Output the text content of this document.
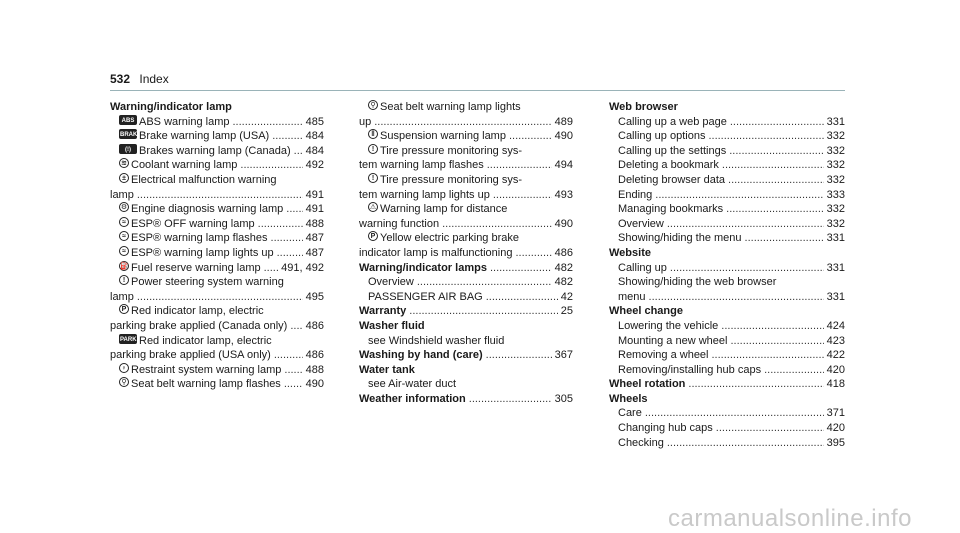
532 Index
Warning/indicator lamp
ABS ABS warning lamp .....	485
BRAKE
Brake warning lamp (USA) .....	484
(!) Brakes warning lamp (Canada) ..... 484
≋ Coolant warning lamp .....	492
± Electrical malfunction warning
lamp .....	491
⚙ Engine diagnosis warning lamp ..... 491
≈ ESP® OFF warning lamp .....	488
≈ ESP® warning lamp flashes .....	487
≈ ESP® warning lamp lights up .....	487
⛽ Fuel reserve warning lamp ..... 491, 492
! Power steering system warning
lamp .....	495
P Red indicator lamp, electric
parking brake applied (Canada only) ..... 486
PARK Red indicator lamp, electric
parking brake applied (USA only) .....	486
♀ Restraint system warning lamp ..... 488
⚲ Seat belt warning lamp flashes ..... 490
⚲ Seat belt warning lamp lights
up .....	489
‖ Suspension warning lamp .....	490
! Tire pressure monitoring sys-
tem warning lamp flashes .....	494
! Tire pressure monitoring sys-
tem warning lamp lights up .....	493
⚠ Warning lamp for distance
warning function .....	490
P Yellow electric parking brake
indicator lamp is malfunctioning .....	486
Warning/indicator lamps .....	482
Overview .....	482
PASSENGER AIR BAG .....	42
Warranty .....	25
Washer fluid
see Windshield washer fluid
Washing by hand (care) .....	367
Water tank
see Air-water duct
Weather information .....	305
Web browser
Calling up a web page .....	331
Calling up options .....	332
Calling up the settings .....	332
Deleting a bookmark .....	332
Deleting browser data .....	332
Ending .....	333
Managing bookmarks .....	332
Overview .....	332
Showing/hiding the menu .....	331
Website
Calling up .....	331
Showing/hiding the web browser
menu .....	331
Wheel change
Lowering the vehicle .....	424
Mounting a new wheel .....	423
Removing a wheel .....	422
Removing/installing hub caps .....	420
Wheel rotation .....	418
Wheels
Care .....	371
Changing hub caps .....	420
Checking .....	395
carmanualsonline.info
